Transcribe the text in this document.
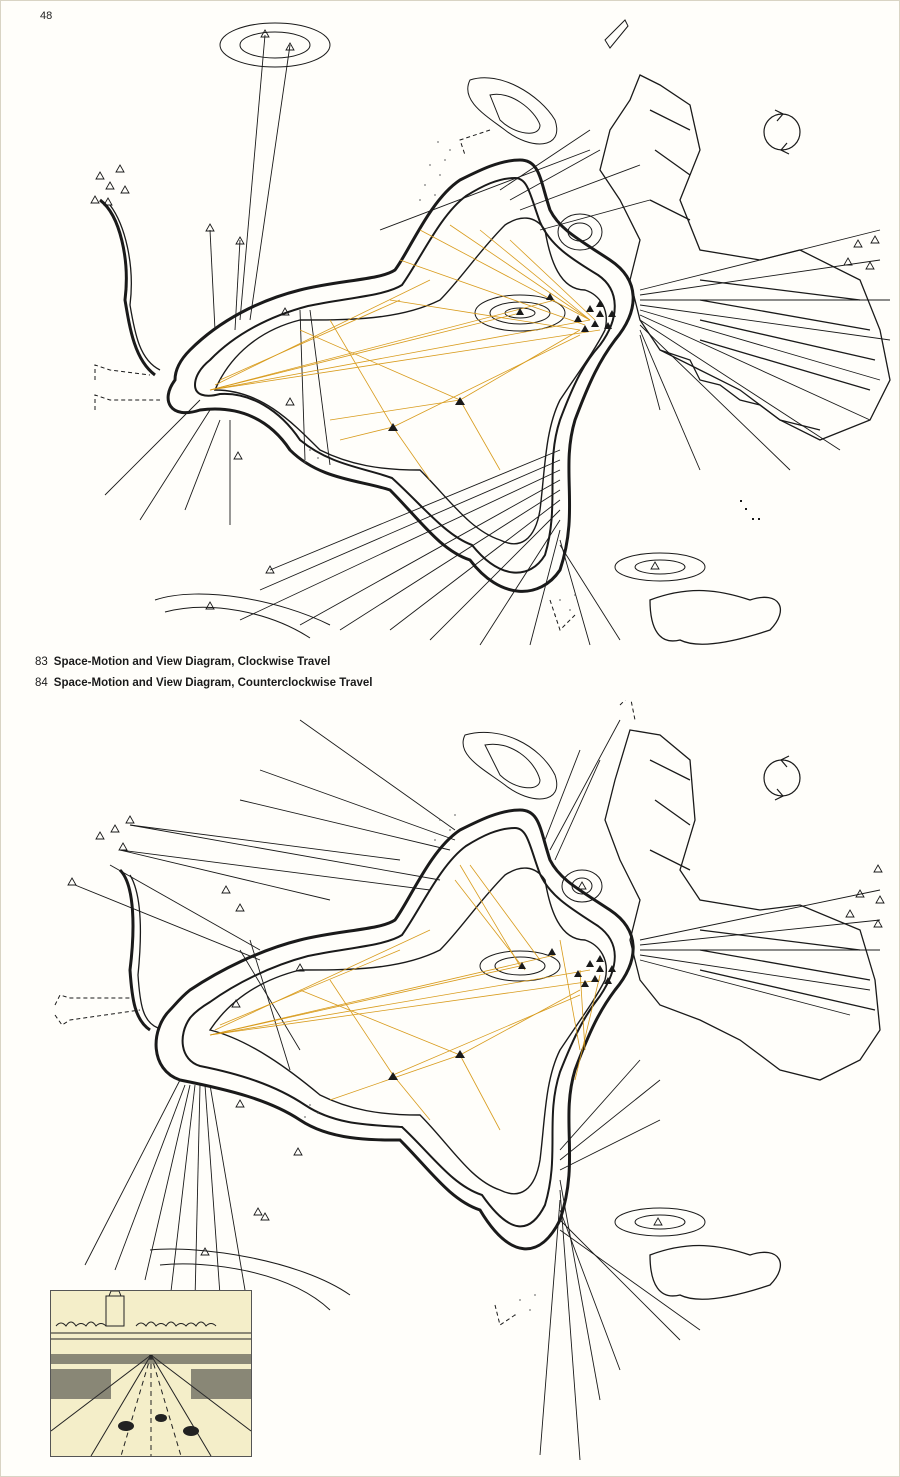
48
83 Space-Motion and View Diagram, Clockwise Travel
84 Space-Motion and View Diagram, Counterclockwise Travel
